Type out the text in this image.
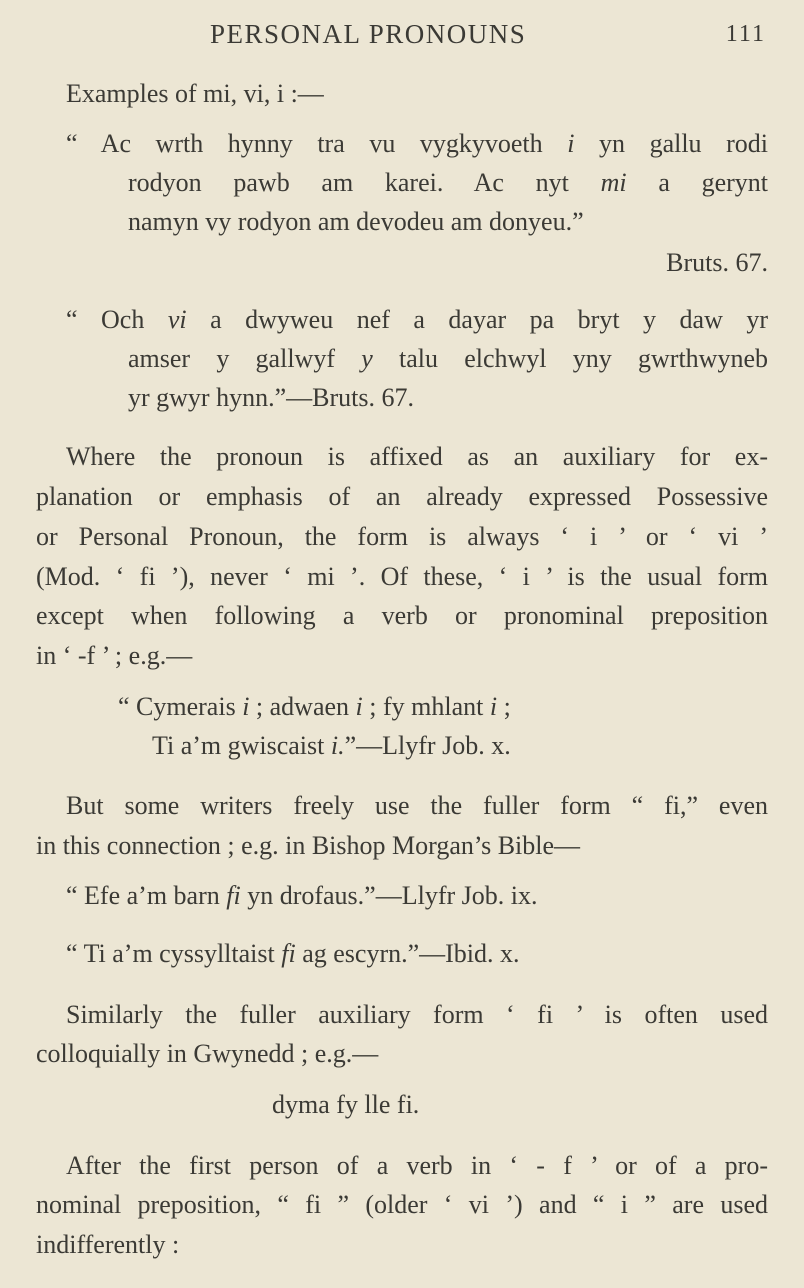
PERSONAL PRONOUNS	111
Examples of mi, vi, i :—
“ Ac wrth hynny tra vu vygkyvoeth i yn gallu rodi
rodyon pawb am karei. Ac nyt mi a gerynt
namyn vy rodyon am devodeu am donyeu.”
Bruts. 67.
“ Och vi a dwyweu nef a dayar pa bryt y daw yr
amser y gallwyf y talu elchwyl yny gwrthwyneb
yr gwyr hynn.”—Bruts. 67.
Where the pronoun is affixed as an auxiliary for ex-
planation or emphasis of an already expressed Possessive
or Personal Pronoun, the form is always ‘ i ’ or ‘ vi ’
(Mod. ‘ fi ’), never ‘ mi ’. Of these, ‘ i ’ is the usual form
except when following a verb or pronominal preposition
in ‘ -f ’ ; e.g.—
“ Cymerais i ; adwaen i ; fy mhlant i ;
Ti a’m gwiscaist i.”—Llyfr Job. x.
But some writers freely use the fuller form “ fi,” even
in this connection ; e.g. in Bishop Morgan’s Bible—
“ Efe a’m barn fi yn drofaus.”—Llyfr Job. ix.
“ Ti a’m cyssylltaist fi ag escyrn.”—Ibid. x.
Similarly the fuller auxiliary form ‘ fi ’ is often used
colloquially in Gwynedd ; e.g.—
dyma fy lle fi.
After the first person of a verb in ‘ - f ’ or of a pro-
nominal preposition, “ fi ” (older ‘ vi ’) and “ i ” are used
indifferently :
